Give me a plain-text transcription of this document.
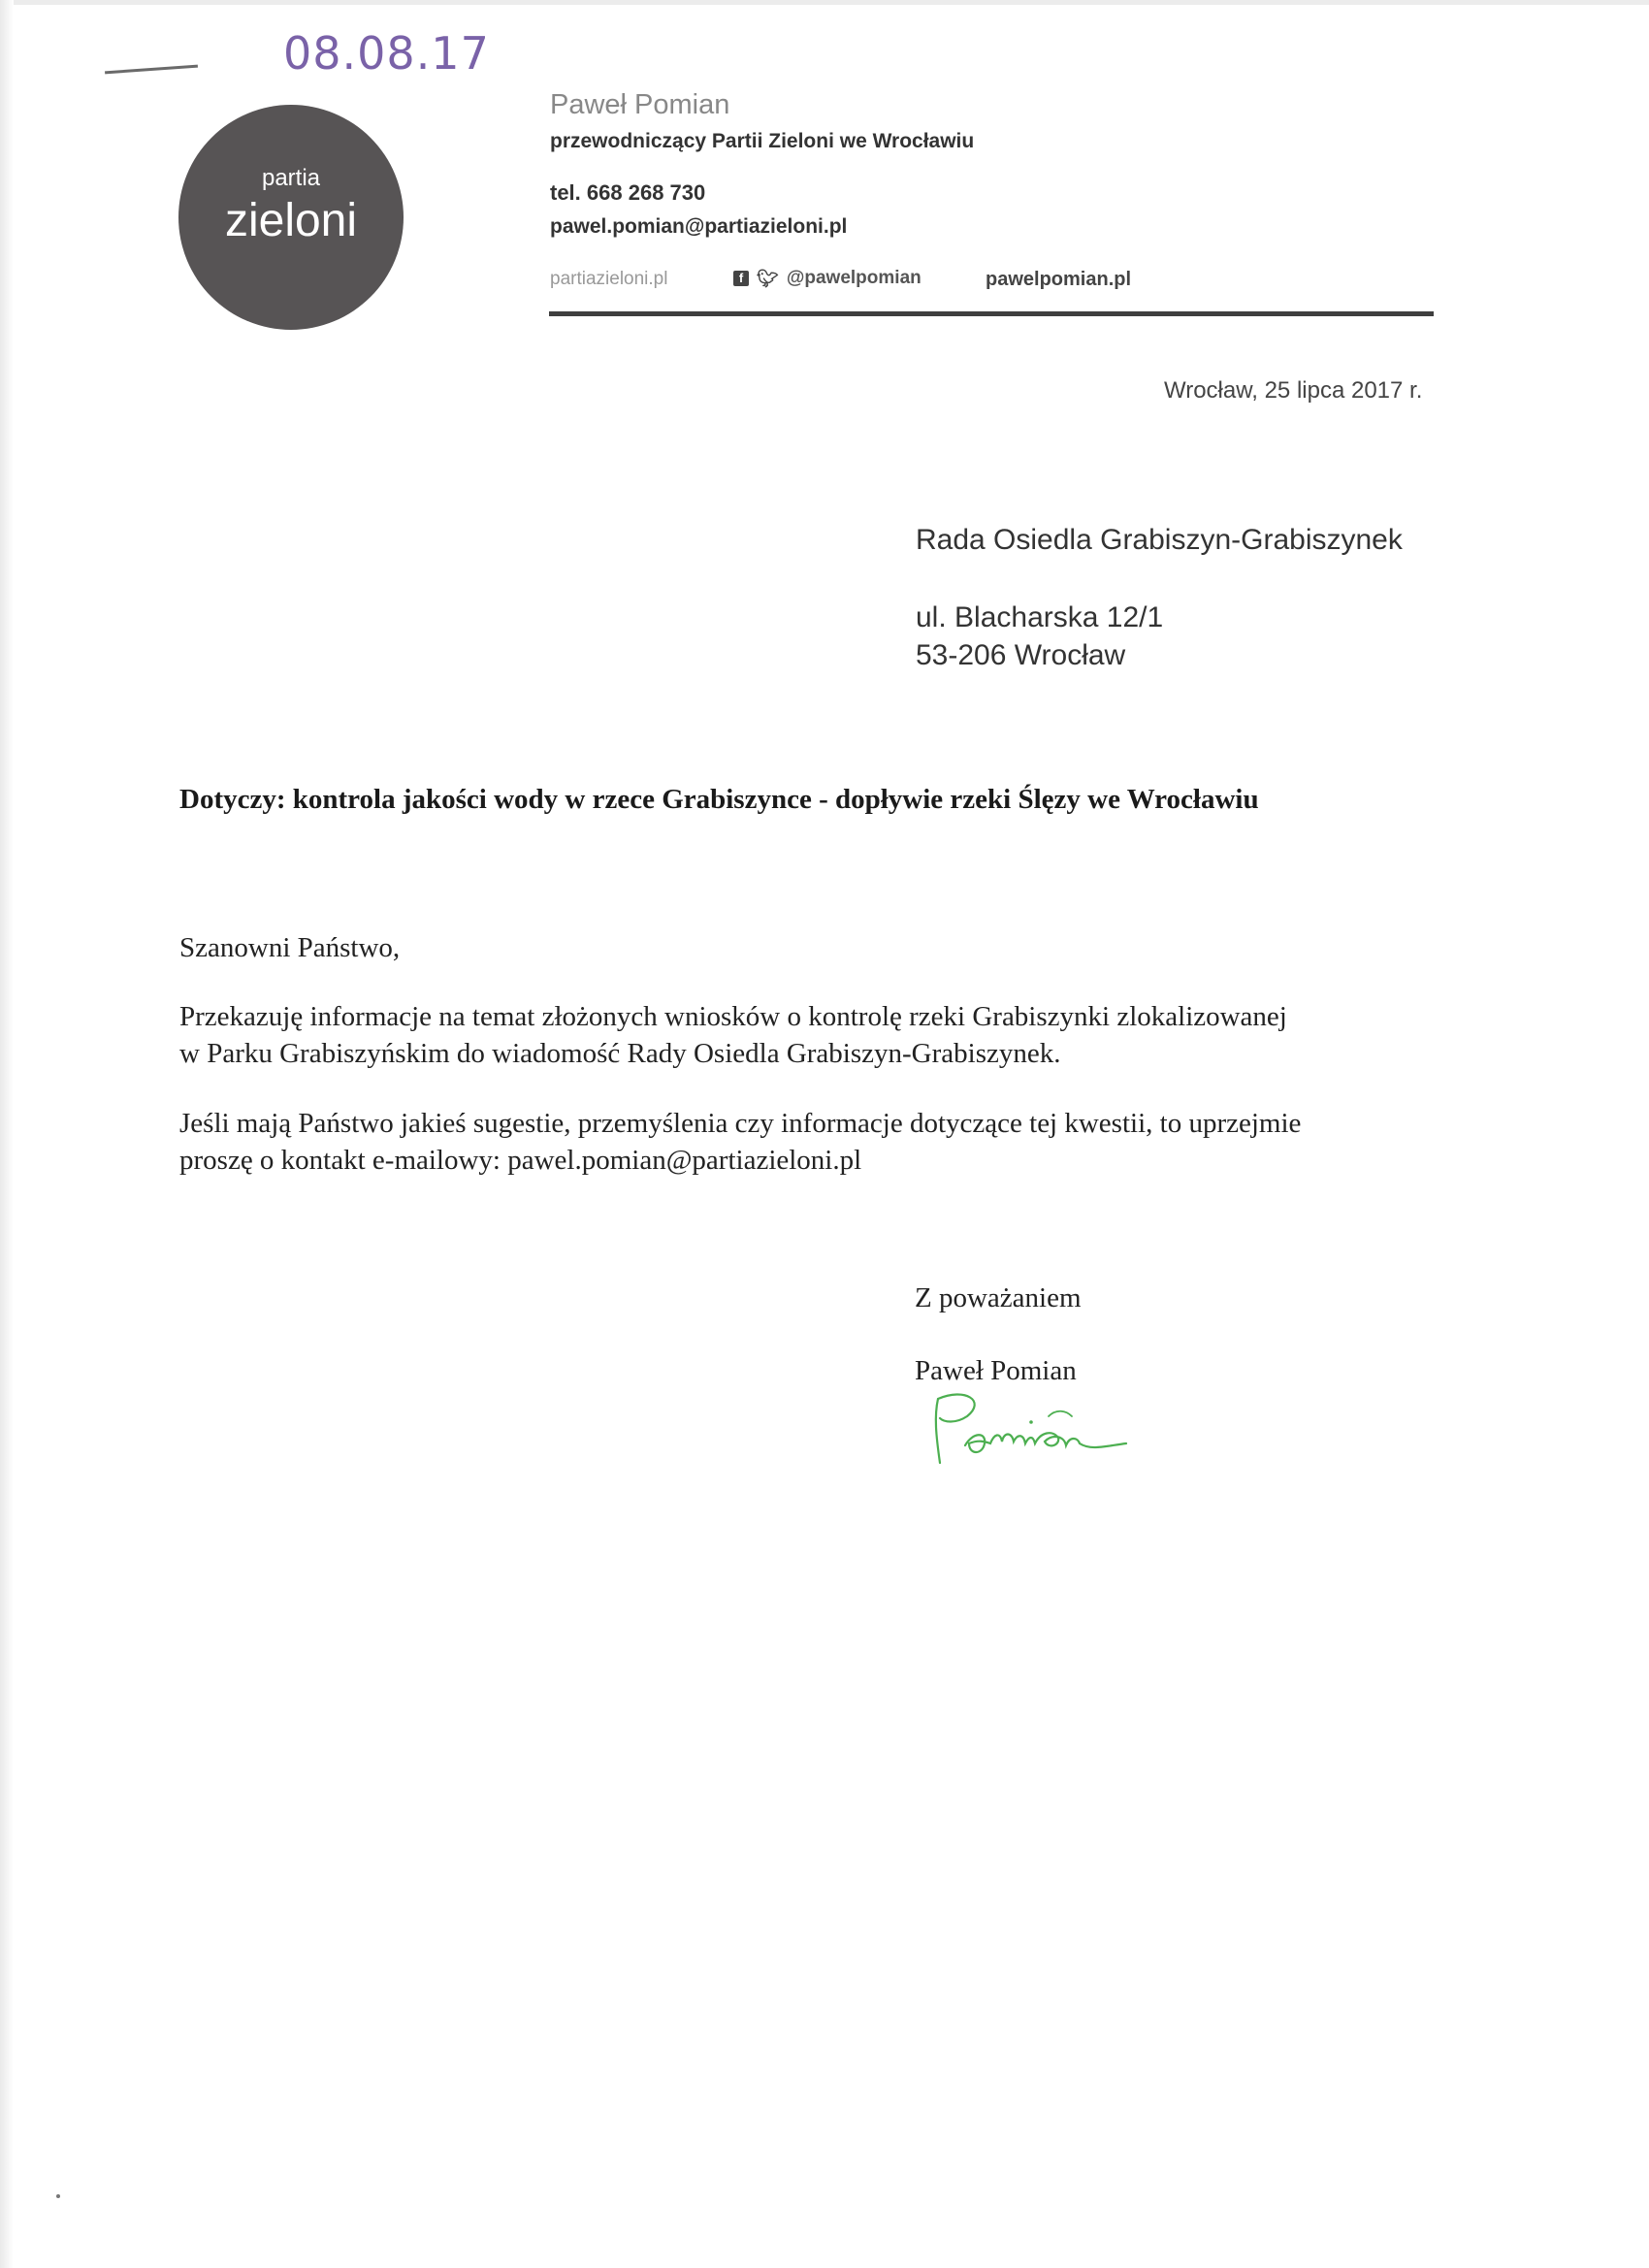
08.08.17
partia
zieloni
Paweł Pomian
przewodniczący Partii Zieloni we Wrocławiu
tel. 668 268 730
pawel.pomian@partiazieloni.pl
partiazieloni.pl	f 🐦︎ @pawelpomian	pawelpomian.pl
Wrocław, 25 lipca 2017 r.
Rada Osiedla Grabiszyn-Grabiszynek
ul. Blacharska 12/1
53-206 Wrocław
Dotyczy: kontrola jakości wody w rzece Grabiszynce - dopływie rzeki Ślęzy we Wrocławiu
Szanowni Państwo,
Przekazuję informacje na temat złożonych wniosków o kontrolę rzeki Grabiszynki zlokalizowanej
w Parku Grabiszyńskim do wiadomość Rady Osiedla Grabiszyn-Grabiszynek.
Jeśli mają Państwo jakieś sugestie, przemyślenia czy informacje dotyczące tej kwestii, to uprzejmie
proszę o kontakt e-mailowy: pawel.pomian@partiazieloni.pl
Z poważaniem
Paweł Pomian
